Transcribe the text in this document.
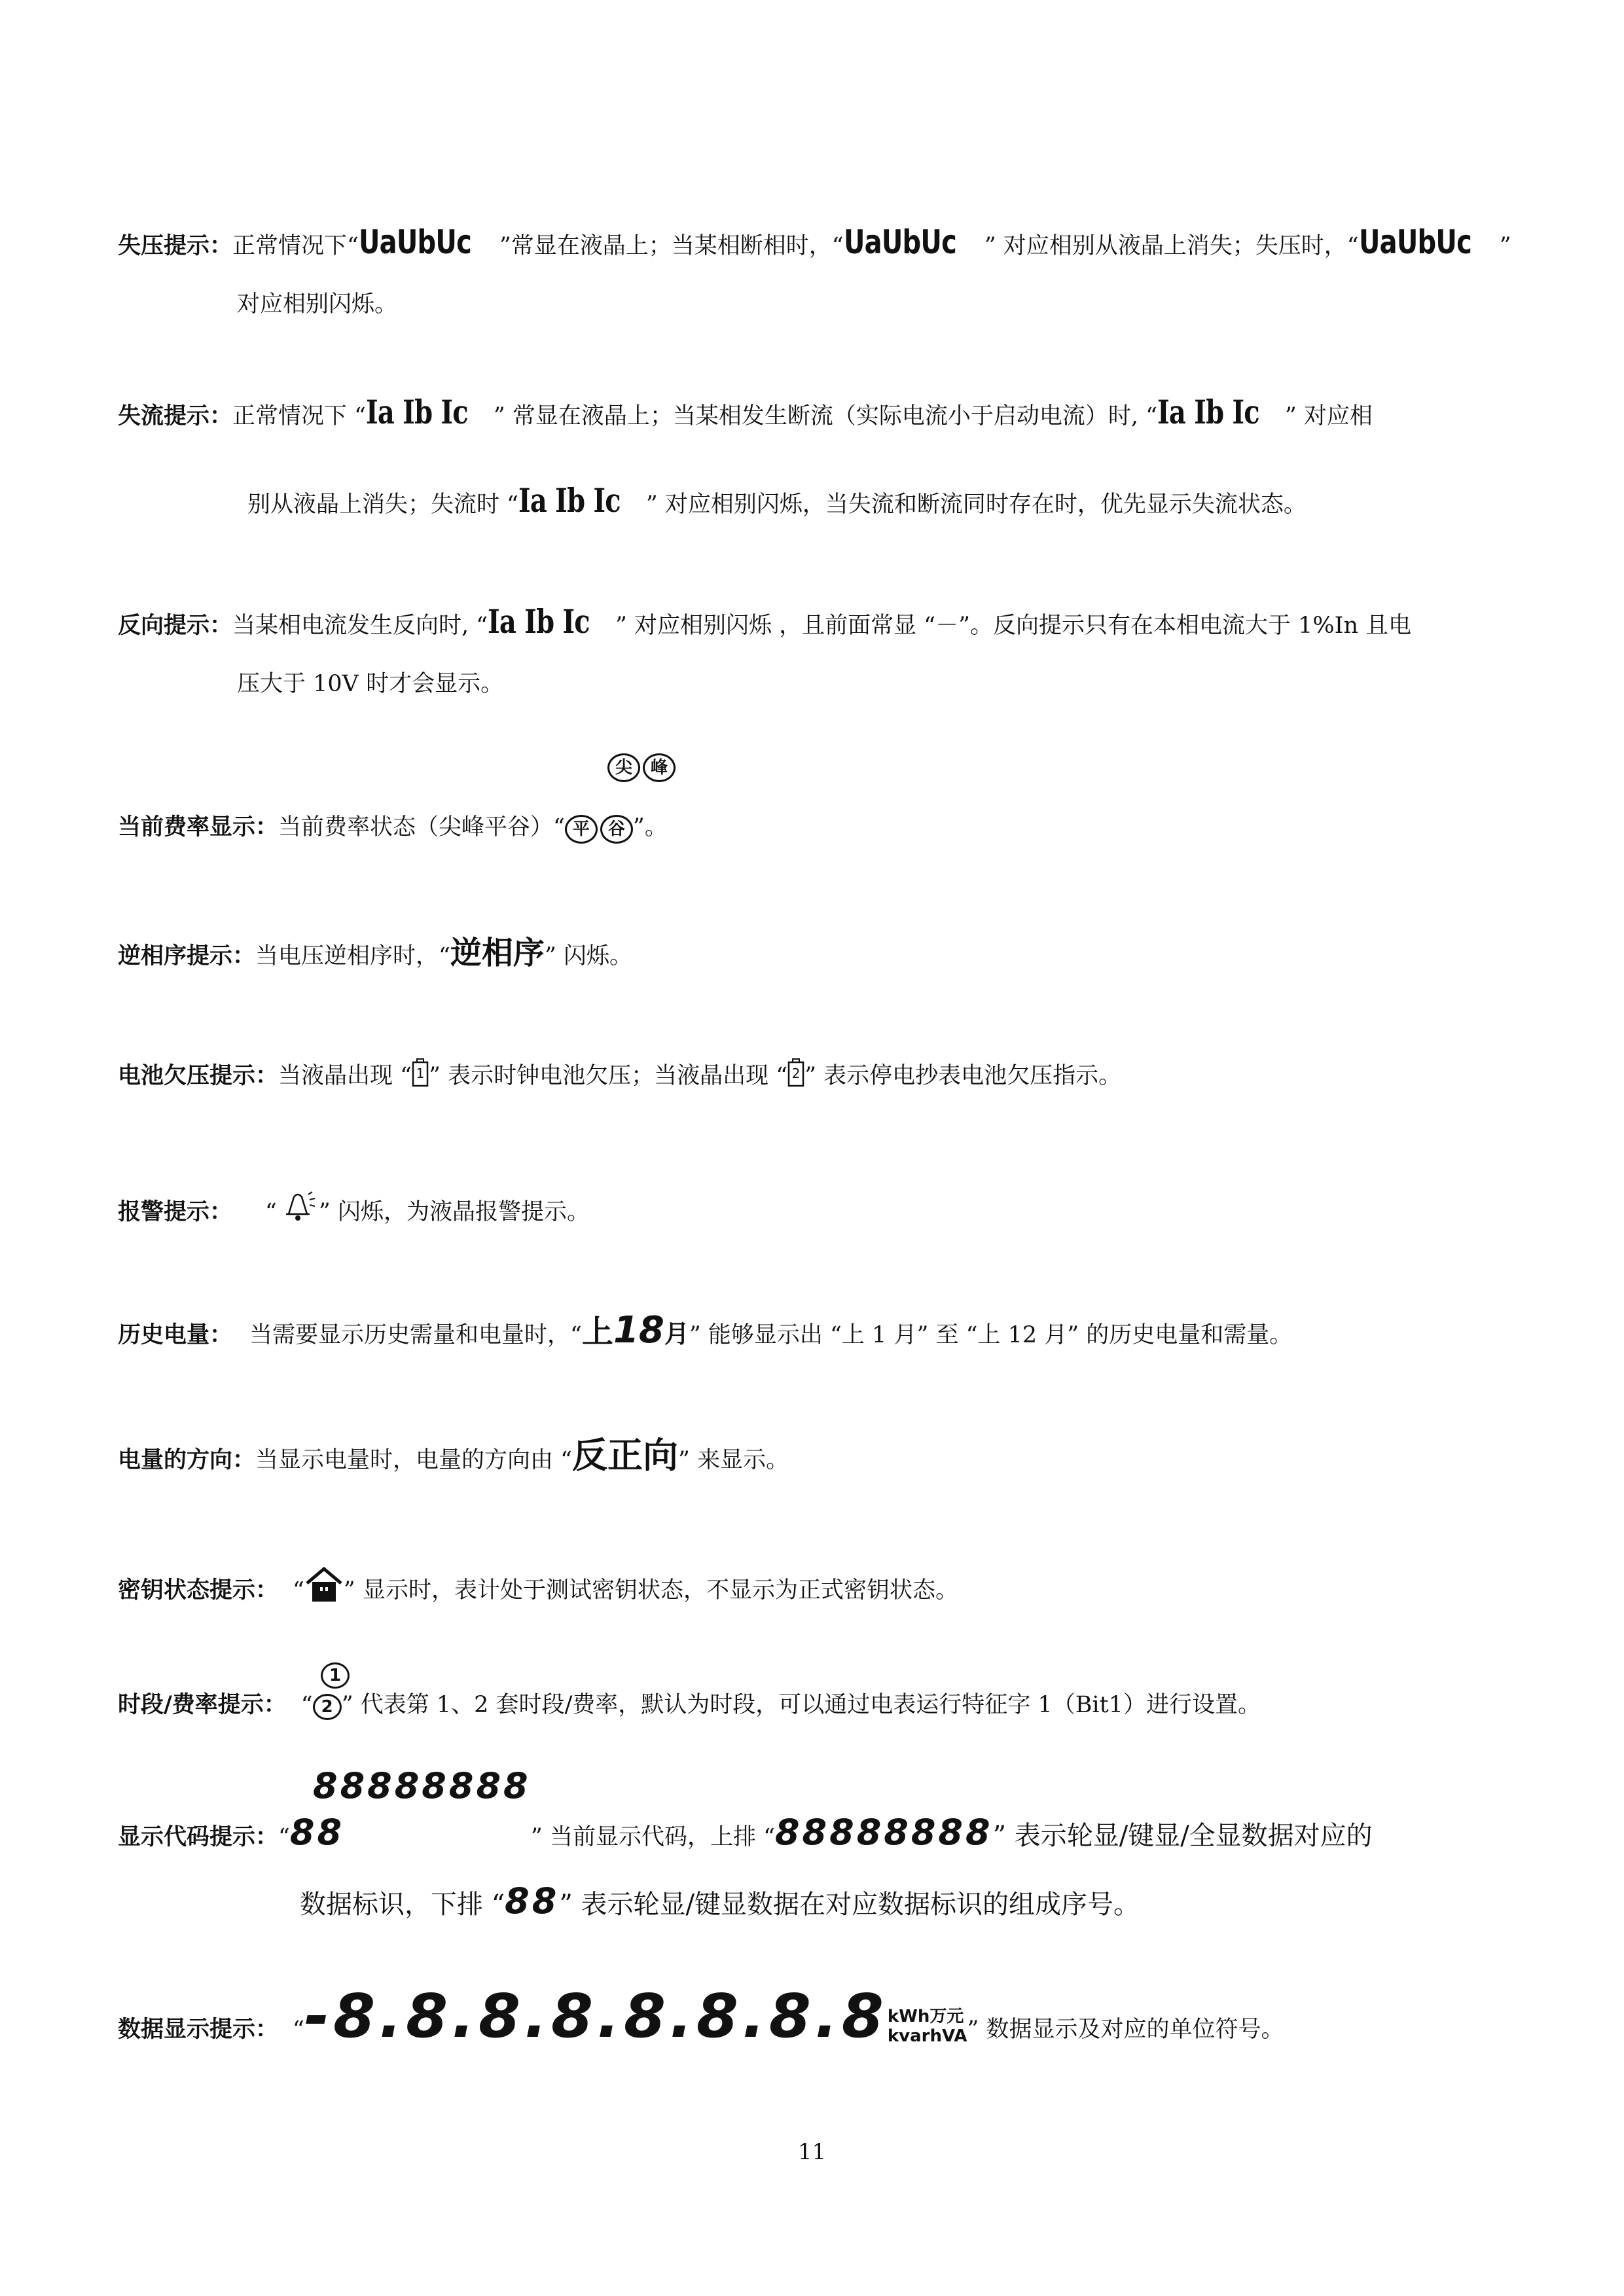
失压提示：正常情况下“UaUbUc ”常显在液晶上；当某相断相时，“UaUbUc ” 对应相别从液晶上消失；失压时，“UaUbUc ”
对应相别闪烁。
失流提示：正常情况下 “Ia Ib Ic ” 常显在液晶上；当某相发生断流（实际电流小于启动电流）时, “Ia Ib Ic ” 对应相
别从液晶上消失；失流时 “Ia Ib Ic ” 对应相别闪烁，当失流和断流同时存在时，优先显示失流状态。
反向提示：当某相电流发生反向时, “Ia Ib Ic ” 对应相别闪烁 ，且前面常显 “－”。反向提示只有在本相电流大于 1%In 且电
压大于 10V 时才会显示。
尖 峰
当前费率显示：当前费率状态（尖峰平谷）“ 平 谷 ”。
逆相序提示：当电压逆相序时，“逆相序” 闪烁。
电池欠压提示：当液晶出现 “ 1 ” 表示时钟电池欠压；当液晶出现 “ 2 ” 表示停电抄表电池欠压指示。
报警提示： “ ” 闪烁，为液晶报警提示。
历史电量： 当需要显示历史需量和电量时，“上18月” 能够显示出 “上 1 月” 至 “上 12 月” 的历史电量和需量。
电量的方向：当显示电量时，电量的方向由 “反正向” 来显示。
密钥状态提示： “ ” 显示时，表计处于测试密钥状态，不显示为正式密钥状态。
1
时段/费率提示： “ 2 ” 代表第 1、2 套时段/费率，默认为时段，可以通过电表运行特征字 1（Bit1）进行设置。
88888888
显示代码提示：“88	” 当前显示代码，上排 “88888888” 表示轮显/键显/全显数据对应的
数据标识，下排 “88” 表示轮显/键显数据在对应数据标识的组成序号。
数据显示提示： “-8.8.8.8.8.8.8.8 kWh万元
kvarhVA ” 数据显示及对应的单位符号。
11
